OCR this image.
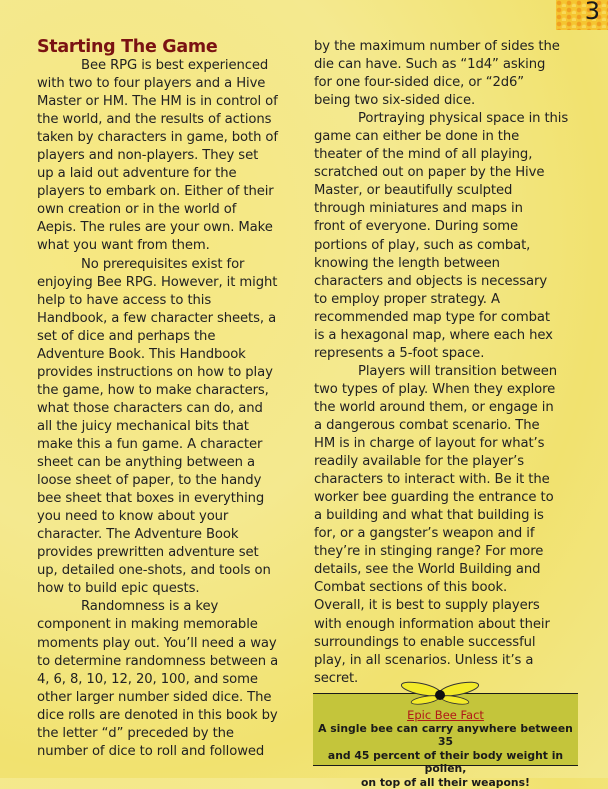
3
Starting The Game

Bee RPG is best experienced

with two to four players and a Hive

Master or HM. The HM is in control of

the world, and the results of actions

taken by characters in game, both of

players and non-players. They set

up a laid out adventure for the

players to embark on. Either of their

own creation or in the world of

Aepis. The rules are your own. Make

what you want from them.

No prerequisites exist for

enjoying Bee RPG. However, it might

help to have access to this

Handbook, a few character sheets, a

set of dice and perhaps the

Adventure Book. This Handbook

provides instructions on how to play

the game, how to make characters,

what those characters can do, and

all the juicy mechanical bits that

make this a fun game. A character

sheet can be anything between a

loose sheet of paper, to the handy

bee sheet that boxes in everything

you need to know about your

character. The Adventure Book

provides prewritten adventure set

up, detailed one-shots, and tools on

how to build epic quests.

Randomness is a key

component in making memorable

moments play out. You’ll need a way

to determine randomness between a

4, 6, 8, 10, 12, 20, 100, and some

other larger number sided dice. The

dice rolls are denoted in this book by

the letter “d” preceded by the

number of dice to roll and followed

by the maximum number of sides the

die can have. Such as “1d4” asking

for one four-sided dice, or “2d6”

being two six-sided dice.

Portraying physical space in this

game can either be done in the

theater of the mind of all playing,

scratched out on paper by the Hive

Master, or beautifully sculpted

through miniatures and maps in

front of everyone. During some

portions of play, such as combat,

knowing the length between

characters and objects is necessary

to employ proper strategy. A

recommended map type for combat

is a hexagonal map, where each hex

represents a 5-foot space.

Players will transition between

two types of play. When they explore

the world around them, or engage in

a dangerous combat scenario. The

HM is in charge of layout for what’s

readily available for the player’s

characters to interact with. Be it the

worker bee guarding the entrance to

a building and what that building is

for, or a gangster’s weapon and if

they’re in stinging range? For more

details, see the World Building and

Combat sections of this book.

Overall, it is best to supply players

with enough information about their

surroundings to enable successful

play, in all scenarios. Unless it’s a

secret.

Epic Bee Fact
A single bee can carry anywhere between 35
and 45 percent of their body weight in pollen,
on top of all their weapons!
